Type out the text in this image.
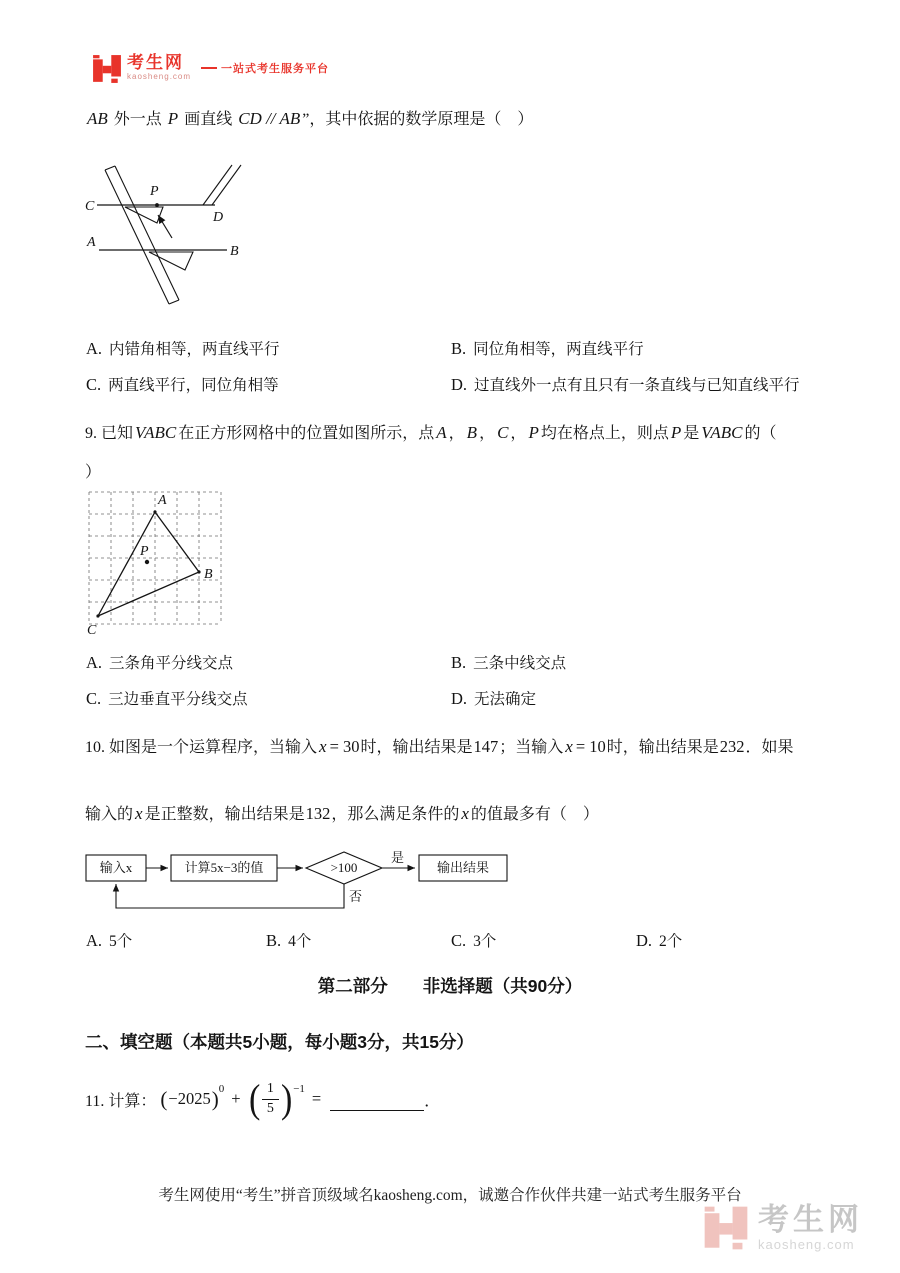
考生网
kaosheng.com
一站式考生服务平台
AB 外一点 P 画直线 CD // AB ”，其中依据的数学原理是（　）
C
P
D
A
B
A. 内错角相等，两直线平行	B. 同位角相等，两直线平行
C. 两直线平行，同位角相等	D. 过直线外一点有且只有一条直线与已知直线平行
9. 已知 VABC 在正方形网格中的位置如图所示，点 A ， B ， C ， P 均在格点上，则点 P 是 VABC 的（
）
A
B
C
P
A. 三条角平分线交点	B. 三条中线交点
C. 三边垂直平分线交点	D. 无法确定
10. 如图是一个运算程序，当输入 x = 30时，输出结果是147；当输入 x = 10时，输出结果是232．如果
输入的 x 是正整数，输出结果是132，那么满足条件的 x 的值最多有（　）
输入x	计算5x−3的值	>100
是
输出结果
否
A. 5个	B. 4个	C. 3个	D. 2个
第二部分　　非选择题（共90分）
二、填空题（本题共5小题，每小题3分，共15分）
11. 计算： ( −2025 ) 0 + ( $\frac{1}{5}$ ) −1 =	．
考生网使用“考生”拼音顶级域名kaosheng.com，诚邀合作伙伴共建一站式考生服务平台
考生网
kaosheng.com
